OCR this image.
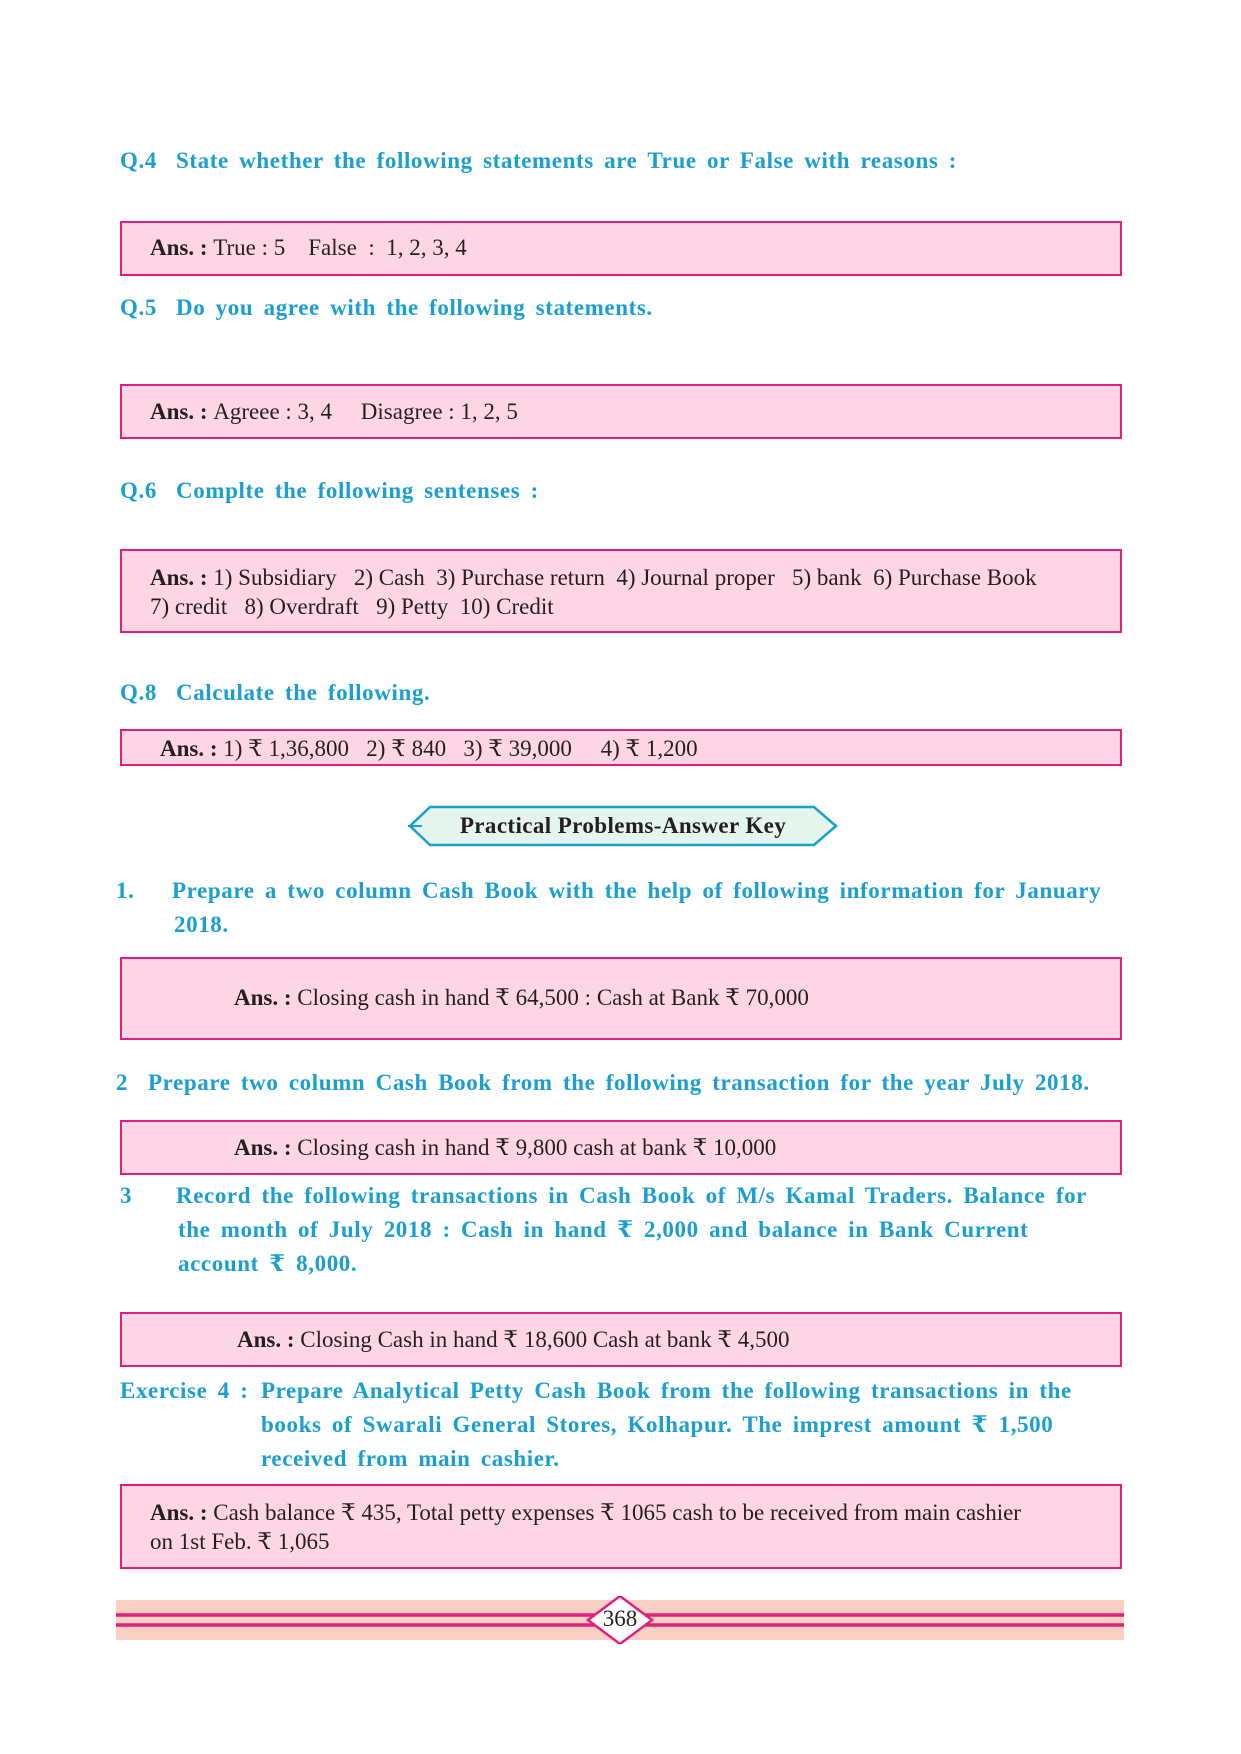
Q.4 State whether the following statements are True or False with reasons :
Ans. : True : 5    False  :  1, 2, 3, 4
Q.5 Do you agree with the following statements.
Ans. : Agreee : 3, 4     Disagree : 1, 2, 5
Q.6 Complte the following sentenses :
Ans. : 1) Subsidiary   2) Cash  3) Purchase return  4) Journal proper   5) bank  6) Purchase Book
7) credit   8) Overdraft   9) Petty  10) Credit
Q.8 Calculate the following.
Ans. : 1) ₹ 1,36,800   2) ₹ 840   3) ₹ 39,000     4) ₹ 1,200
Practical Problems-Answer Key
1. Prepare a two column Cash Book with the help of following information for January
2018.
Ans. : Closing cash in hand ₹ 64,500 : Cash at Bank ₹ 70,000
2 Prepare two column Cash Book from the following transaction for the year July 2018.
Ans. : Closing cash in hand ₹ 9,800 cash at bank ₹ 10,000
3 Record the following transactions in Cash Book of M/s Kamal Traders. Balance for
the month of July 2018 : Cash in hand ₹ 2,000 and balance in Bank Current
account ₹ 8,000.
Ans. : Closing Cash in hand ₹ 18,600 Cash at bank ₹ 4,500
Exercise 4 : Prepare Analytical Petty Cash Book from the following transactions in the
books of Swarali General Stores, Kolhapur. The imprest amount ₹ 1,500
received from main cashier.
Ans. : Cash balance ₹ 435, Total petty expenses ₹ 1065 cash to be received from main cashier
on 1st Feb. ₹ 1,065
368
